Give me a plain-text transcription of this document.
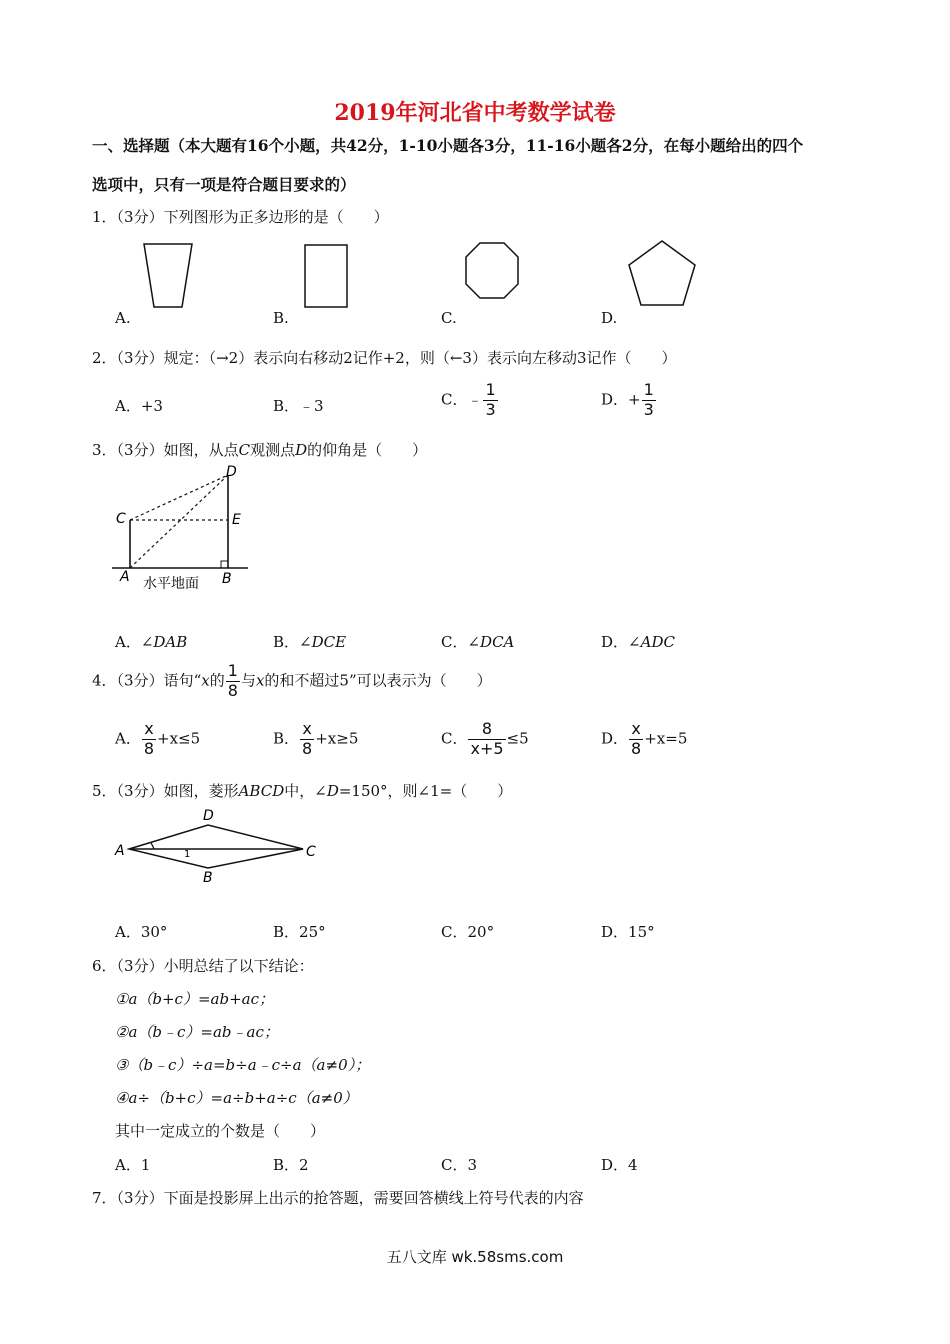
2019年河北省中考数学试卷
一、选择题（本大题有16个小题，共42分，1-10小题各3分，11-16小题各2分，在每小题给出的四个
选项中，只有一项是符合题目要求的）
1．（3分）下列图形为正多边形的是（　　）
A.	B.	C.	D.
2．（3分）规定：（→2）表示向右移动2记作+2，则（←3）表示向左移动3记作（　　）
A．+3	B．﹣3	C．﹣ $\frac{1}{3}$	D．+ $\frac{1}{3}$
3．（3分）如图，从点C观测点D的仰角是（　　）
D
C	E
A	B
水平地面
A．∠DAB	B．∠DCE	C．∠DCA	D．∠ADC
4．（3分）语句“x的 $\frac{1}{8}$ 与x的和不超过5”可以表示为（　　）
A． $\frac{x}{8} +x\le 5$	B． $\frac{x}{8} +x\ge 5$	C． $\frac{8}{x+5} \le 5$	D． $\frac{x}{8} +x=5$
5．（3分）如图，菱形ABCD中，∠D=150°，则∠1=（　　）
A
D
C
B
1
A．30°	B．25°	C．20°	D．15°
6．（3分）小明总结了以下结论：
①a（b+c）=ab+ac；
②a（b﹣c）=ab﹣ac；
③（b﹣c）÷a=b÷a﹣c÷a（a≠0）；
④a÷（b+c）=a÷b+a÷c（a≠0）
其中一定成立的个数是（　　）
A．1	B．2	C．3	D．4
7．（3分）下面是投影屏上出示的抢答题，需要回答横线上符号代表的内容
五八文库 wk.58sms.com
